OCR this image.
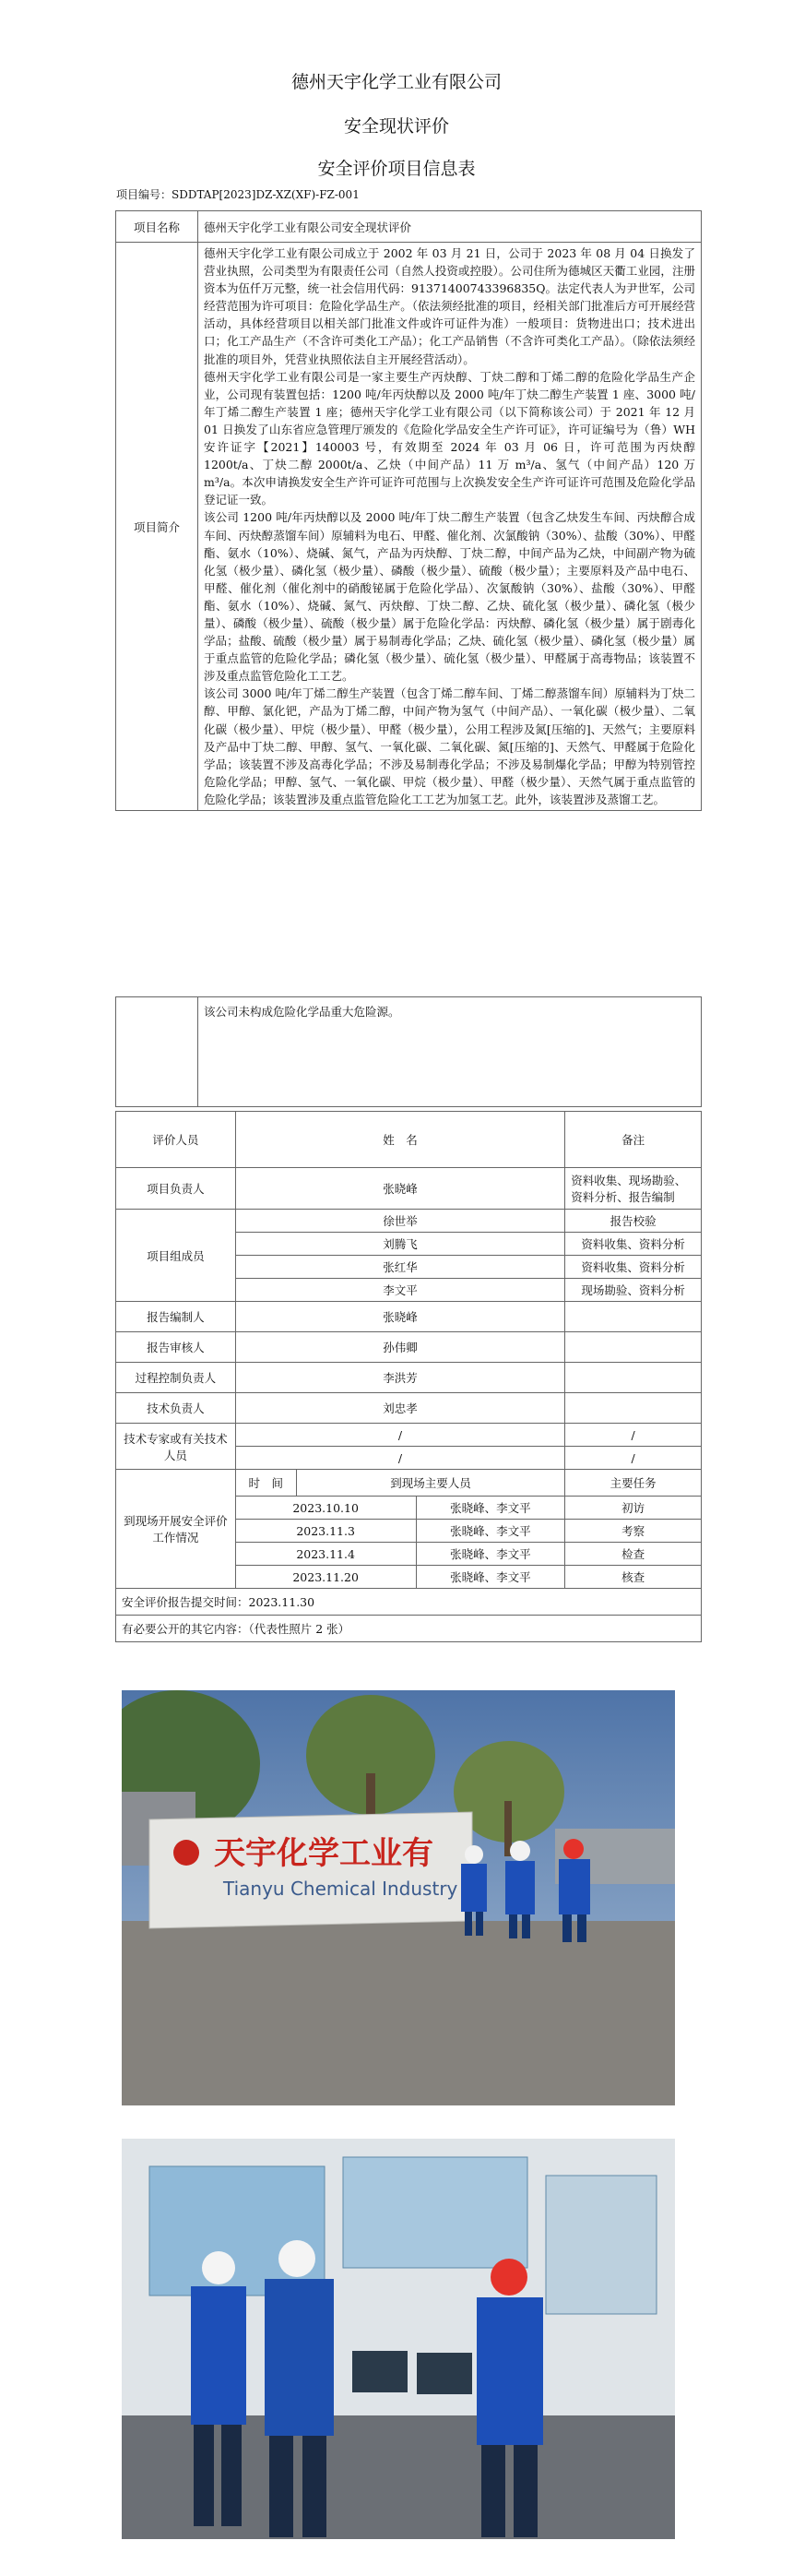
德州天宇化学工业有限公司
安全现状评价
安全评价项目信息表
项目编号：SDDTAP[2023]DZ-XZ(XF)-FZ-001
项目名称	德州天宇化学工业有限公司安全现状评价
项目简介	德州天宇化学工业有限公司成立于 2002 年 03 月 21 日，公司于 2023 年 08 月 04 日换发了营业执照，公司类型为有限责任公司（自然人投资或控股）。公司住所为德城区天衢工业园，注册资本为伍仟万元整，统一社会信用代码：91371400743396835Q。法定代表人为尹世军，公司经营范围为许可项目：危险化学品生产。（依法须经批准的项目，经相关部门批准后方可开展经营活动，具体经营项目以相关部门批准文件或许可证件为准）一般项目：货物进出口；技术进出口；化工产品生产（不含许可类化工产品）；化工产品销售（不含许可类化工产品）。（除依法须经批准的项目外，凭营业执照依法自主开展经营活动）。

德州天宇化学工业有限公司是一家主要生产丙炔醇、丁炔二醇和丁烯二醇的危险化学品生产企业，公司现有装置包括：1200 吨/年丙炔醇以及 2000 吨/年丁炔二醇生产装置 1 座、3000 吨/年丁烯二醇生产装置 1 座；德州天宇化学工业有限公司（以下简称该公司）于 2021 年 12 月 01 日换发了山东省应急管理厅颁发的《危险化学品安全生产许可证》，许可证编号为（鲁）WH 安许证字【2021】140003 号，有效期至 2024 年 03 月 06 日，许可范围为丙炔醇 1200t/a、丁炔二醇 2000t/a、乙炔（中间产品）11 万 m³/a、氢气（中间产品）120 万 m³/a。本次申请换发安全生产许可证许可范围与上次换发安全生产许可证许可范围及危险化学品登记证一致。

该公司 1200 吨/年丙炔醇以及 2000 吨/年丁炔二醇生产装置（包含乙炔发生车间、丙炔醇合成车间、丙炔醇蒸馏车间）原辅料为电石、甲醛、催化剂、次氯酸钠（30%）、盐酸（30%）、甲醛酯、氨水（10%）、烧碱、氮气，产品为丙炔醇、丁炔二醇，中间产品为乙炔，中间副产物为硫化氢（极少量）、磷化氢（极少量）、磷酸（极少量）、硫酸（极少量）；主要原料及产品中电石、甲醛、催化剂（催化剂中的硝酸铋属于危险化学品）、次氯酸钠（30%）、盐酸（30%）、甲醛酯、氨水（10%）、烧碱、氮气、丙炔醇、丁炔二醇、乙炔、硫化氢（极少量）、磷化氢（极少量）、磷酸（极少量）、硫酸（极少量）属于危险化学品：丙炔醇、磷化氢（极少量）属于剧毒化学品；盐酸、硫酸（极少量）属于易制毒化学品；乙炔、硫化氢（极少量）、磷化氢（极少量）属于重点监管的危险化学品；磷化氢（极少量）、硫化氢（极少量）、甲醛属于高毒物品；该装置不涉及重点监管危险化工工艺。

该公司 3000 吨/年丁烯二醇生产装置（包含丁烯二醇车间、丁烯二醇蒸馏车间）原辅料为丁炔二醇、甲醇、氯化钯，产品为丁烯二醇，中间产物为氢气（中间产品）、一氧化碳（极少量）、二氧化碳（极少量）、甲烷（极少量）、甲醛（极少量），公用工程涉及氮[压缩的]、天然气；主要原料及产品中丁炔二醇、甲醇、氢气、一氧化碳、二氧化碳、氮[压缩的]、天然气、甲醛属于危险化学品；该装置不涉及高毒化学品；不涉及易制毒化学品；不涉及易制爆化学品；甲醇为特别管控危险化学品；甲醇、氢气、一氧化碳、甲烷（极少量）、甲醛（极少量）、天然气属于重点监管的危险化学品；该装置涉及重点监管危险化工工艺为加氢工艺。此外，该装置涉及蒸馏工艺。

	该公司未构成危险化学品重大危险源。
评价人员	姓　名			备注
项目负责人	张晓峰			资料收集、现场勘验、资料分析、报告编制
项目组成员	徐世举			报告校验
	刘腾飞			资料收集、资料分析
	张红华			资料收集、资料分析
	李文平			现场勘验、资料分析
报告编制人	张晓峰			
报告审核人	孙伟卿			
过程控制负责人	李洪芳			
技术负责人	刘忠孝			
技术专家或有关技术人员	/			/
	/			/
到现场开展安全评价工作情况	时　间	到现场主要人员		主要任务
	2023.10.10		张晓峰、李文平	初访
	2023.11.3		张晓峰、李文平	考察
	2023.11.4		张晓峰、李文平	检查
	2023.11.20		张晓峰、李文平	核查
安全评价报告提交时间：2023.11.30				
有必要公开的其它内容：（代表性照片 2 张）				
天宇化学工业有
Tianyu Chemical Industry
